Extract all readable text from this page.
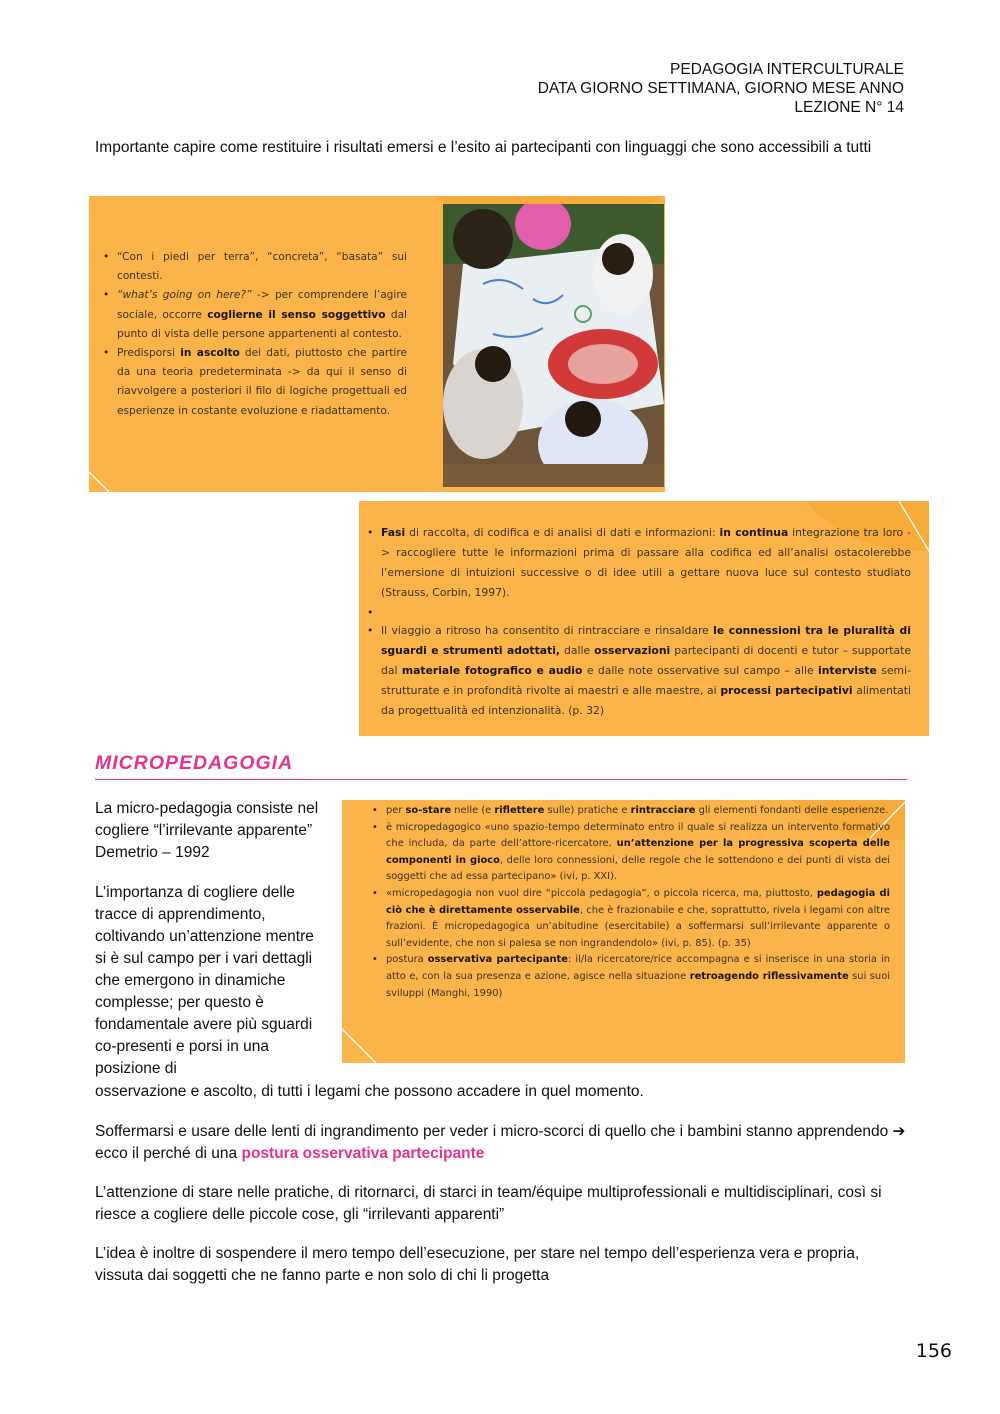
PEDAGOGIA INTERCULTURALE
DATA GIORNO SETTIMANA, GIORNO MESE ANNO
LEZIONE N° 14
Importante capire come restituire i risultati emersi e l’esito ai partecipanti con linguaggi che sono accessibili a tutti
• “Con i piedi per terra”, “concreta”, “basata” sui contesti.
• “what’s going on here?” -> per comprendere l’agire sociale, occorre coglierne il senso soggettivo dal punto di vista delle persone appartenenti al contesto.
• Predisporsi in ascolto dei dati, piuttosto che partire da una teoria predeterminata -> da qui il senso di riavvolgere a posteriori il filo di logiche progettuali ed esperienze in costante evoluzione e riadattamento.
• Fasi di raccolta, di codifica e di analisi di dati e informazioni: in continua integrazione tra loro -> raccogliere tutte le informazioni prima di passare alla codifica ed all’analisi ostacolerebbe l’emersione di intuizioni successive o di idee utili a gettare nuova luce sul contesto studiato (Strauss, Corbin, 1997).
•
• Il viaggio a ritroso ha consentito di rintracciare e rinsaldare le connessioni tra le pluralità di sguardi e strumenti adottati, dalle osservazioni partecipanti di docenti e tutor – supportate dal materiale fotografico e audio e dalle note osservative sul campo – alle interviste semi-strutturate e in profondità rivolte ai maestri e alle maestre, ai processi partecipativi alimentati da progettualità ed intenzionalità. (p. 32)
MICROPEDAGOGIA
La micro-pedagogia consiste nel cogliere “l’irrilevante apparente” Demetrio – 1992
L’importanza di cogliere delle tracce di apprendimento, coltivando un’attenzione mentre si è sul campo per i vari dettagli che emergono in dinamiche complesse; per questo è fondamentale avere più sguardi co-presenti e porsi in una posizione di
osservazione e ascolto, di tutti i legami che possono accadere in quel momento.
• per so-stare nelle (e riflettere sulle) pratiche e rintracciare gli elementi fondanti delle esperienze.
• è micropedagogico «uno spazio-tempo determinato entro il quale si realizza un intervento formativo che includa, da parte dell’attore-ricercatore, un’attenzione per la progressiva scoperta delle componenti in gioco, delle loro connessioni, delle regole che le sottendono e dei punti di vista dei soggetti che ad essa partecipano» (ivi, p. XXI).
• «micropedagogia non vuol dire “piccola pedagogia”, o piccola ricerca, ma, piuttosto, pedagogia di ciò che è direttamente osservabile, che è frazionabile e che, soprattutto, rivela i legami con altre frazioni. È micropedagogica un’abitudine (esercitabile) a soffermarsi sull’irrilevante apparente o sull’evidente, che non si palesa se non ingrandendolo» (ivi, p. 85). (p. 35)
• postura osservativa partecipante: il/la ricercatore/rice accompagna e si inserisce in una storia in atto e, con la sua presenza e azione, agisce nella situazione retroagendo riflessivamente sui suoi sviluppi (Manghi, 1990)
Soffermarsi e usare delle lenti di ingrandimento per veder i micro-scorci di quello che i bambini stanno apprendendo ➔ ecco il perché di una postura osservativa partecipante
L’attenzione di stare nelle pratiche, di ritornarci, di starci in team/équipe multiprofessionali e multidisciplinari, così si riesce a cogliere delle piccole cose, gli “irrilevanti apparenti”
L’idea è inoltre di sospendere il mero tempo dell’esecuzione, per stare nel tempo dell’esperienza vera e propria, vissuta dai soggetti che ne fanno parte e non solo di chi li progetta
156
